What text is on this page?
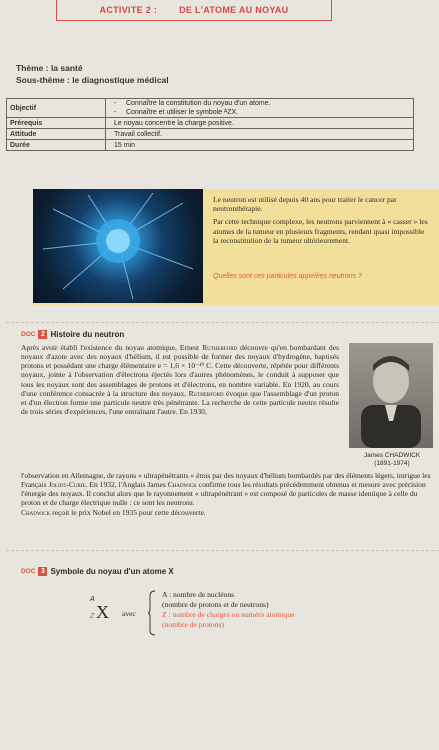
ACTIVITE 2 : DE L'ATOME AU NOYAU
Thème : la santé
Sous-thème : le diagnostique médical
Objectif	- Connaître la constitution du noyau d'un atome.
- Connaître et utiliser le symbole ᴬZX.

Prérequis	Le noyau concentre la charge positive.
Attitude	Travail collectif.
Durée	15 min

Le neutron est utilisé depuis 40 ans pour traiter le cancer par neutronthérapie.

Par cette technique complexe, les neutrons parviennent à « casser » les atomes de la tumeur en plusieurs fragments, rendant quasi impossible la reconstitution de la tumeur ultérieurement.

Quelles sont ces particules appelées neutrons ?
DOC 2 Histoire du neutron
Après avoir établi l'existence du noyau atomique, Ernest Rutherford découvre qu'en bombardant des noyaux d'azote avec des noyaux d'hélium, il est possible de former des noyaux d'hydrogène, baptisés protons et possédant une charge élémentaire e = 1,6 × 10⁻¹⁹ C. Cette découverte, répétée pour différents noyaux, jointe à l'observation d'électrons éjectés lors d'autres phénomènes, le conduit à supposer que tous les noyaux sont des assemblages de protons et d'électrons, en nombre variable. En 1920, au cours d'une conférence consacrée à la structure des noyaux, Rutherford évoque que l'assemblage d'un proton et d'un électron forme une particule neutre très pénétrante. La recherche de cette particule neutre résulte de trois séries d'expériences, l'une entraînant l'autre. En 1930,
l'observation en Allemagne, de rayons « ultrapénétrants » émis par des noyaux d'hélium bombardés par des éléments légers, intrigue les Français Joliot-Curie. En 1932, l'Anglais James Chadwick confirme tous les résultats précédemment obtenus et mesure avec précision l'énergie des noyaux. Il conclut alors que le rayonnement « ultrapénétrant » est composé de particules de masse identique à celle du proton et de charge électrique nulle : ce sont les neutrons.
Chadwick reçoit le prix Nobel en 1935 pour cette découverte.
James CHADWICK
(1891-1974)
DOC 3 Symbole du noyau d'un atome X
A
X
Z	avec
A : nombre de nucléons
(nombre de protons et de neutrons)
Z : nombre de charges ou numéro atomique
(nombre de protons)
